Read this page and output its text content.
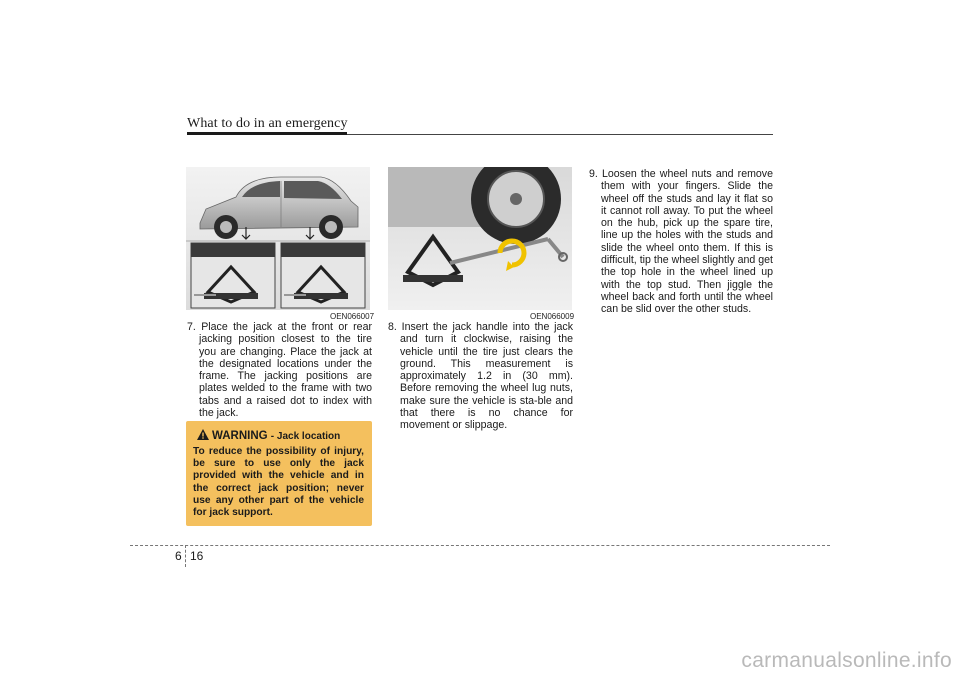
What to do in an emergency
OEN066007	OEN066009

7. Place the jack at the front or rear jacking position closest to the tire you are changing. Place the jack at the designated locations under the frame. The jacking positions are plates welded to the frame with two tabs and a raised dot to index with the jack.

8. Insert the jack handle into the jack and turn it clockwise, raising the vehicle until the tire just clears the ground. This measurement is approximately 1.2 in (30 mm). Before removing the wheel lug nuts, make sure the vehicle is sta-ble and that there is no chance for movement or slippage.

9. Loosen the wheel nuts and remove them with your fingers. Slide the wheel off the studs and lay it flat so it cannot roll away. To put the wheel on the hub, pick up the spare tire, line up the holes with the studs and slide the wheel onto them. If this is difficult, tip the wheel slightly and get the top hole in the wheel lined up with the top stud. Then jiggle the wheel back and forth until the wheel can be slid over the other studs.

WARNING - Jack location
To reduce the possibility of injury, be sure to use only the jack provided with the vehicle and in the correct jack position; never use any other part of the vehicle for jack support.
6 16
carmanualsonline.info
